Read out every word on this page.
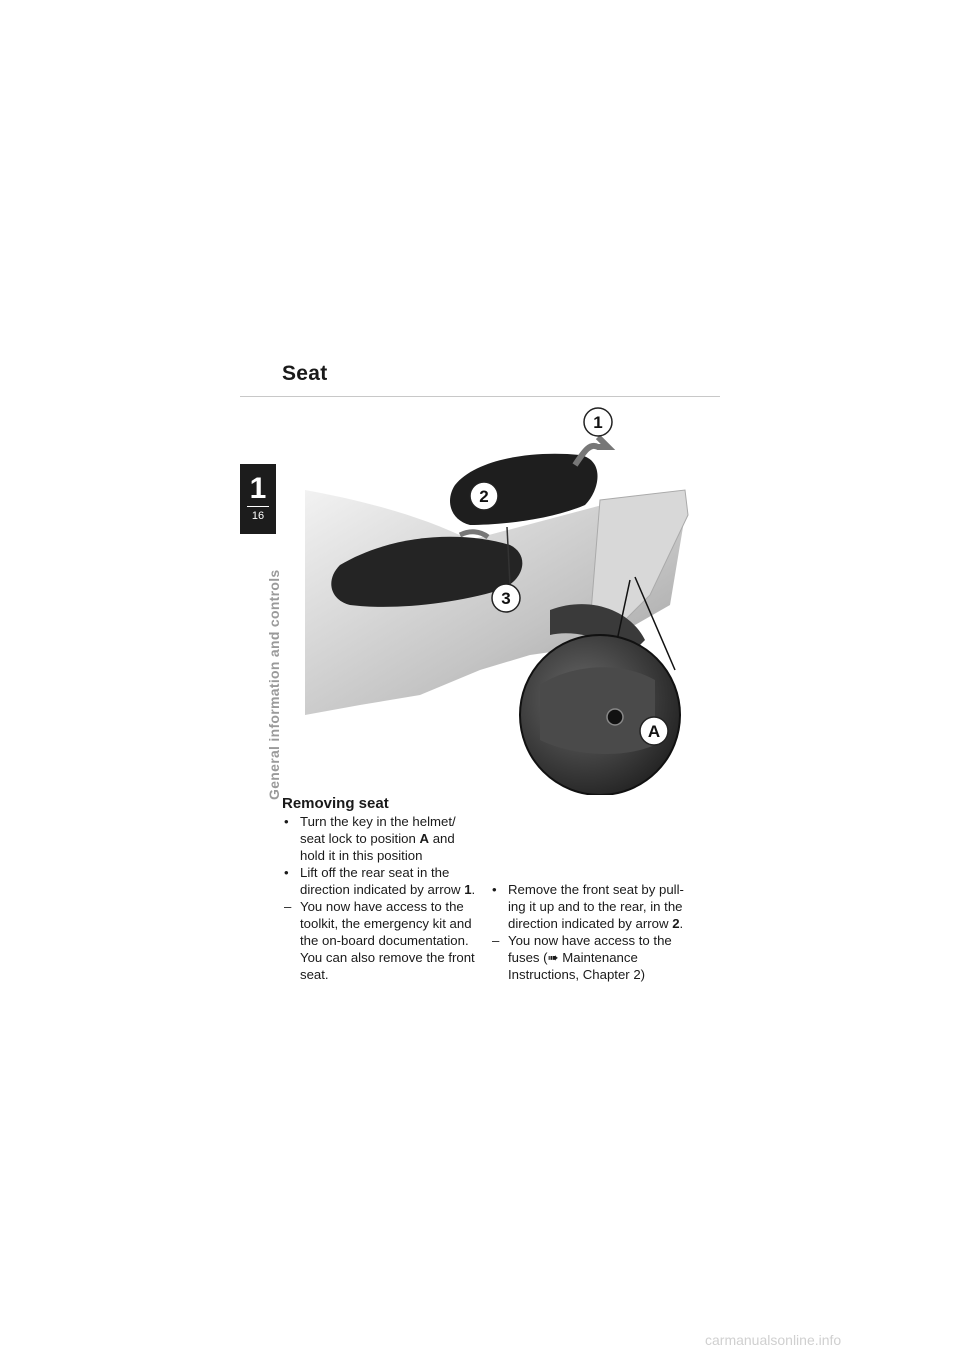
Seat
1
16
General information and controls
1
2
3
A
Removing seat

• Turn the key in the helmet/ seat lock to position A and hold it in this position

• Lift off the rear seat in the direction indicated by arrow 1.

– You now have access to the toolkit, the emergency kit and the on-board documentation. You can also remove the front seat.

• Remove the front seat by pull- ing it up and to the rear, in the direction indicated by arrow 2.

– You now have access to the fuses (➠ Maintenance Instructions, Chapter 2)

carmanualsonline.info
